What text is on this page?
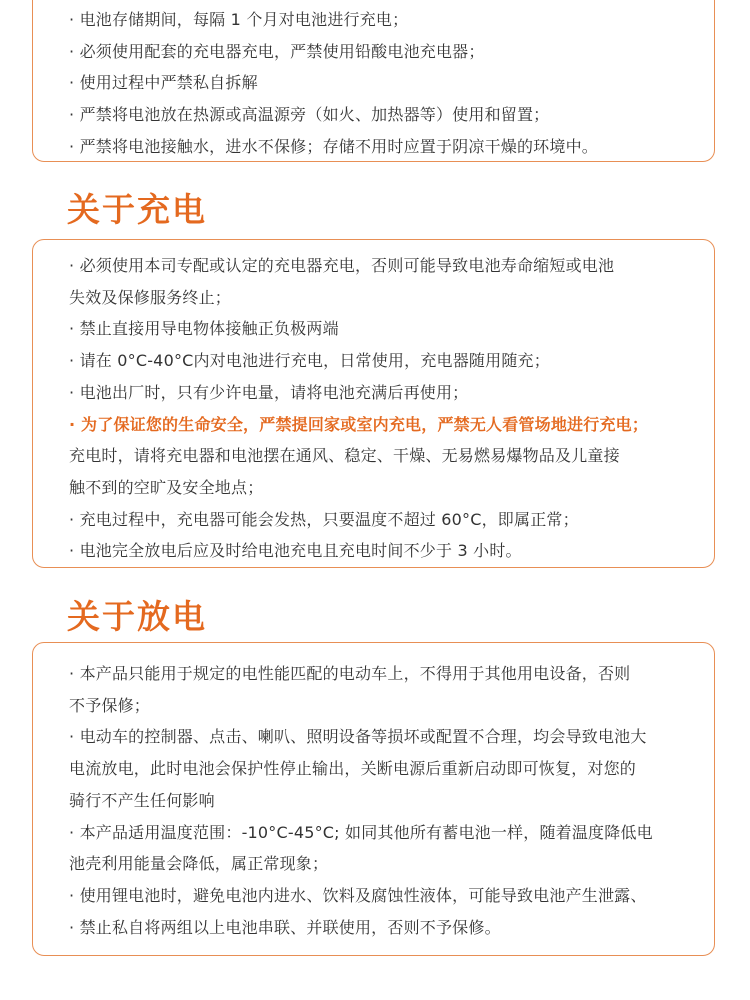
· 电池存储期间，每隔 1 个月对电池进行充电；
· 必须使用配套的充电器充电，严禁使用铅酸电池充电器；
· 使用过程中严禁私自拆解
· 严禁将电池放在热源或高温源旁（如火、加热器等）使用和留置；
· 严禁将电池接触水，进水不保修；存储不用时应置于阴凉干燥的环境中。
关于充电
· 必须使用本司专配或认定的充电器充电，否则可能导致电池寿命缩短或电池
失效及保修服务终止；
· 禁止直接用导电物体接触正负极两端
· 请在 0°C-40°C内对电池进行充电，日常使用，充电器随用随充；
· 电池出厂时，只有少许电量，请将电池充满后再使用；
· 为了保证您的生命安全，严禁提回家或室内充电，严禁无人看管场地进行充电；
充电时，请将充电器和电池摆在通风、稳定、干燥、无易燃易爆物品及儿童接
触不到的空旷及安全地点；
· 充电过程中，充电器可能会发热，只要温度不超过 60°C，即属正常；
· 电池完全放电后应及时给电池充电且充电时间不少于 3 小时。
关于放电
· 本产品只能用于规定的电性能匹配的电动车上，不得用于其他用电设备，否则
不予保修；
· 电动车的控制器、点击、喇叭、照明设备等损坏或配置不合理，均会导致电池大
电流放电，此时电池会保护性停止输出，关断电源后重新启动即可恢复，对您的
骑行不产生任何影响
· 本产品适用温度范围：-10°C-45°C; 如同其他所有蓄电池一样，随着温度降低电
池壳利用能量会降低，属正常现象；
· 使用锂电池时，避免电池内进水、饮料及腐蚀性液体，可能导致电池产生泄露、
· 禁止私自将两组以上电池串联、并联使用，否则不予保修。
